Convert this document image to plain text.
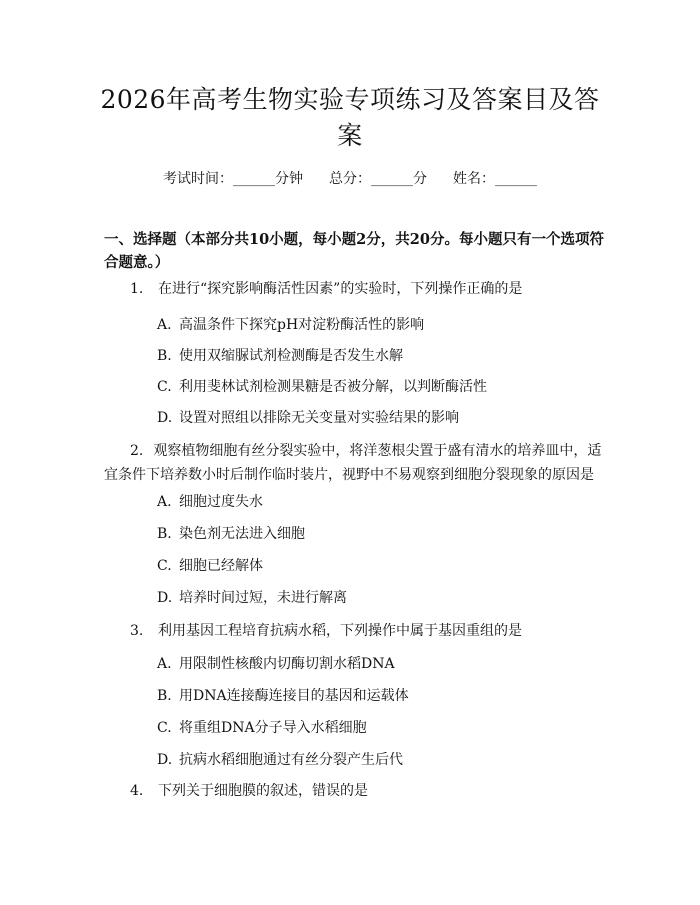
2026年高考生物实验专项练习及答案目及答案
考试时间：______分钟 总分：______分 姓名：______
一、选择题（本部分共10小题，每小题2分，共20分。每小题只有一个选项符合题意。）
1. 在进行“探究影响酶活性因素”的实验时，下列操作正确的是
A. 高温条件下探究pH对淀粉酶活性的影响
B. 使用双缩脲试剂检测酶是否发生水解
C. 利用斐林试剂检测果糖是否被分解，以判断酶活性
D. 设置对照组以排除无关变量对实验结果的影响
2. 观察植物细胞有丝分裂实验中，将洋葱根尖置于盛有清水的培养皿中，适宜条件下培养数小时后制作临时装片，视野中不易观察到细胞分裂现象的原因是
A. 细胞过度失水
B. 染色剂无法进入细胞
C. 细胞已经解体
D. 培养时间过短，未进行解离
3. 利用基因工程培育抗病水稻，下列操作中属于基因重组的是
A. 用限制性核酸内切酶切割水稻DNA
B. 用DNA连接酶连接目的基因和运载体
C. 将重组DNA分子导入水稻细胞
D. 抗病水稻细胞通过有丝分裂产生后代
4. 下列关于细胞膜的叙述，错误的是
